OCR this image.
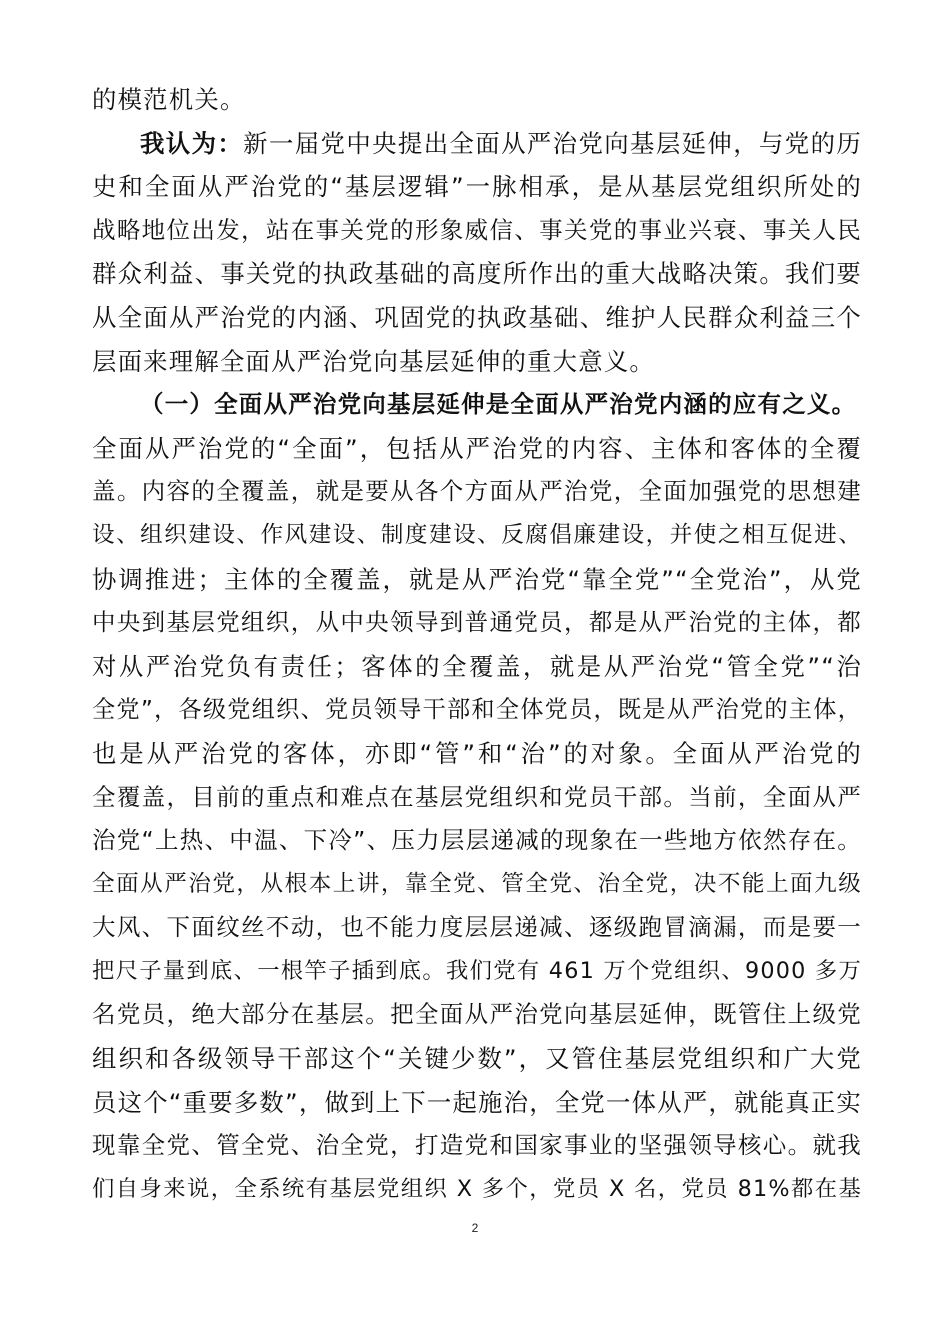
的模范机关。
我认为：新一届党中央提出全面从严治党向基层延伸，与党的历
史和全面从严治党的“基层逻辑”一脉相承，是从基层党组织所处的
战略地位出发，站在事关党的形象威信、事关党的事业兴衰、事关人民
群众利益、事关党的执政基础的高度所作出的重大战略决策。我们要
从全面从严治党的内涵、巩固党的执政基础、维护人民群众利益三个
层面来理解全面从严治党向基层延伸的重大意义。
（一）全面从严治党向基层延伸是全面从严治党内涵的应有之义。
全面从严治党的“全面”，包括从严治党的内容、主体和客体的全覆
盖。内容的全覆盖，就是要从各个方面从严治党，全面加强党的思想建
设、组织建设、作风建设、制度建设、反腐倡廉建设，并使之相互促进、
协调推进；主体的全覆盖，就是从严治党“靠全党”“全党治”，从党
中央到基层党组织，从中央领导到普通党员，都是从严治党的主体，都
对从严治党负有责任；客体的全覆盖，就是从严治党“管全党”“治
全党”，各级党组织、党员领导干部和全体党员，既是从严治党的主体，
也是从严治党的客体，亦即“管”和“治”的对象。全面从严治党的
全覆盖，目前的重点和难点在基层党组织和党员干部。当前，全面从严
治党“上热、中温、下冷”、压力层层递减的现象在一些地方依然存在。
全面从严治党，从根本上讲，靠全党、管全党、治全党，决不能上面九级
大风、下面纹丝不动，也不能力度层层递减、逐级跑冒滴漏，而是要一
把尺子量到底、一根竿子插到底。我们党有 461 万个党组织、9000 多万
名党员，绝大部分在基层。把全面从严治党向基层延伸，既管住上级党
组织和各级领导干部这个“关键少数”，又管住基层党组织和广大党
员这个“重要多数”，做到上下一起施治，全党一体从严，就能真正实
现靠全党、管全党、治全党，打造党和国家事业的坚强领导核心。就我
们自身来说，全系统有基层党组织 X 多个，党员 X 名，党员 81%都在基
2
